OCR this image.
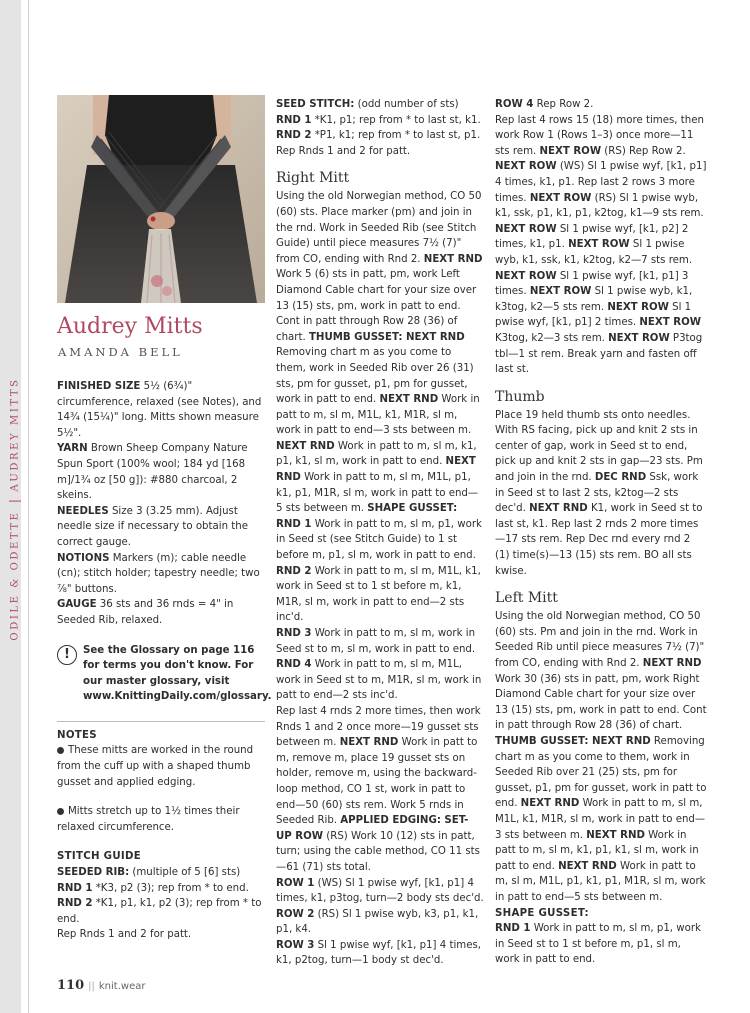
ODILE & ODETTEAUDREY MITTS
Audrey Mitts

AMANDA BELL

FINISHED SIZE 5½ (6¾)" circumference, relaxed (see Notes), and 14¾ (15¼)" long. Mitts shown measure 5½".

YARN Brown Sheep Company Nature Spun Sport (100% wool; 184 yd [168 m]/1¾ oz [50 g]): #880 charcoal, 2 skeins.

NEEDLES Size 3 (3.25 mm). Adjust needle size if necessary to obtain the correct gauge.

NOTIONS Markers (m); cable needle (cn); stitch holder; tapestry needle; two ⅞" buttons.

GAUGE 36 sts and 36 rnds = 4" in Seeded Rib, relaxed.

!	See the Glossary on page 116 for terms you don't know. For our master glossary, visit www.KnittingDaily.com/glossary.

NOTES

These mitts are worked in the round from the cuff up with a shaped thumb gusset and applied edging.

Mitts stretch up to 1½ times their relaxed circumference.

STITCH GUIDE

SEEDED RIB: (multiple of 5 [6] sts)

RND 1 *K3, p2 (3); rep from * to end.

RND 2 *K1, p1, k1, p2 (3); rep from * to end.

Rep Rnds 1 and 2 for patt.

SEED STITCH: (odd number of sts)

RND 1 *K1, p1; rep from * to last st, k1.

RND 2 *P1, k1; rep from * to last st, p1.

Rep Rnds 1 and 2 for patt.

Right Mitt

Using the old Norwegian method, CO 50 (60) sts. Place marker (pm) and join in the rnd. Work in Seeded Rib (see Stitch Guide) until piece measures 7½ (7)" from CO, ending with Rnd 2. NEXT RND Work 5 (6) sts in patt, pm, work Left Diamond Cable chart for your size over 13 (15) sts, pm, work in patt to end. Cont in patt through Row 28 (36) of chart. THUMB GUSSET: NEXT RND Removing chart m as you come to them, work in Seeded Rib over 26 (31) sts, pm for gusset, p1, pm for gusset, work in patt to end. NEXT RND Work in patt to m, sl m, M1L, k1, M1R, sl m, work in patt to end—3 sts between m. NEXT RND Work in patt to m, sl m, k1, p1, k1, sl m, work in patt to end. NEXT RND Work in patt to m, sl m, M1L, p1, k1, p1, M1R, sl m, work in patt to end—5 sts between m. SHAPE GUSSET:

RND 1 Work in patt to m, sl m, p1, work in Seed st (see Stitch Guide) to 1 st before m, p1, sl m, work in patt to end.

RND 2 Work in patt to m, sl m, M1L, k1, work in Seed st to 1 st before m, k1, M1R, sl m, work in patt to end—2 sts inc'd.

RND 3 Work in patt to m, sl m, work in Seed st to m, sl m, work in patt to end.

RND 4 Work in patt to m, sl m, M1L, work in Seed st to m, M1R, sl m, work in patt to end—2 sts inc'd.

Rep last 4 rnds 2 more times, then work Rnds 1 and 2 once more—19 gusset sts between m. NEXT RND Work in patt to m, remove m, place 19 gusset sts on holder, remove m, using the backward-loop method, CO 1 st, work in patt to end—50 (60) sts rem. Work 5 rnds in Seeded Rib. APPLIED EDGING: SET-UP ROW (RS) Work 10 (12) sts in patt, turn; using the cable method, CO 11 sts—61 (71) sts total.

ROW 1 (WS) Sl 1 pwise wyf, [k1, p1] 4 times, k1, p3tog, turn—2 body sts dec'd.

ROW 2 (RS) Sl 1 pwise wyb, k3, p1, k1, p1, k4.

ROW 3 Sl 1 pwise wyf, [k1, p1] 4 times, k1, p2tog, turn—1 body st dec'd.

ROW 4 Rep Row 2.

Rep last 4 rows 15 (18) more times, then work Row 1 (Rows 1–3) once more—11 sts rem. NEXT ROW (RS) Rep Row 2. NEXT ROW (WS) Sl 1 pwise wyf, [k1, p1] 4 times, k1, p1. Rep last 2 rows 3 more times. NEXT ROW (RS) Sl 1 pwise wyb, k1, ssk, p1, k1, p1, k2tog, k1—9 sts rem. NEXT ROW Sl 1 pwise wyf, [k1, p2] 2 times, k1, p1. NEXT ROW Sl 1 pwise wyb, k1, ssk, k1, k2tog, k2—7 sts rem. NEXT ROW Sl 1 pwise wyf, [k1, p1] 3 times. NEXT ROW Sl 1 pwise wyb, k1, k3tog, k2—5 sts rem. NEXT ROW Sl 1 pwise wyf, [k1, p1] 2 times. NEXT ROW K3tog, k2—3 sts rem. NEXT ROW P3tog tbl—1 st rem. Break yarn and fasten off last st.

Thumb

Place 19 held thumb sts onto needles. With RS facing, pick up and knit 2 sts in center of gap, work in Seed st to end, pick up and knit 2 sts in gap—23 sts. Pm and join in the rnd. DEC RND Ssk, work in Seed st to last 2 sts, k2tog—2 sts dec'd. NEXT RND K1, work in Seed st to last st, k1. Rep last 2 rnds 2 more times—17 sts rem. Rep Dec rnd every rnd 2 (1) time(s)—13 (15) sts rem. BO all sts kwise.

Left Mitt

Using the old Norwegian method, CO 50 (60) sts. Pm and join in the rnd. Work in Seeded Rib until piece measures 7½ (7)" from CO, ending with Rnd 2. NEXT RND Work 30 (36) sts in patt, pm, work Right Diamond Cable chart for your size over 13 (15) sts, pm, work in patt to end. Cont in patt through Row 28 (36) of chart. THUMB GUSSET: NEXT RND Removing chart m as you come to them, work in Seeded Rib over 21 (25) sts, pm for gusset, p1, pm for gusset, work in patt to end. NEXT RND Work in patt to m, sl m, M1L, k1, M1R, sl m, work in patt to end—3 sts between m. NEXT RND Work in patt to m, sl m, k1, p1, k1, sl m, work in patt to end. NEXT RND Work in patt to m, sl m, M1L, p1, k1, p1, M1R, sl m, work in patt to end—5 sts between m.

SHAPE GUSSET:

RND 1 Work in patt to m, sl m, p1, work in Seed st to 1 st before m, p1, sl m, work in patt to end.

110 || knit.wear
